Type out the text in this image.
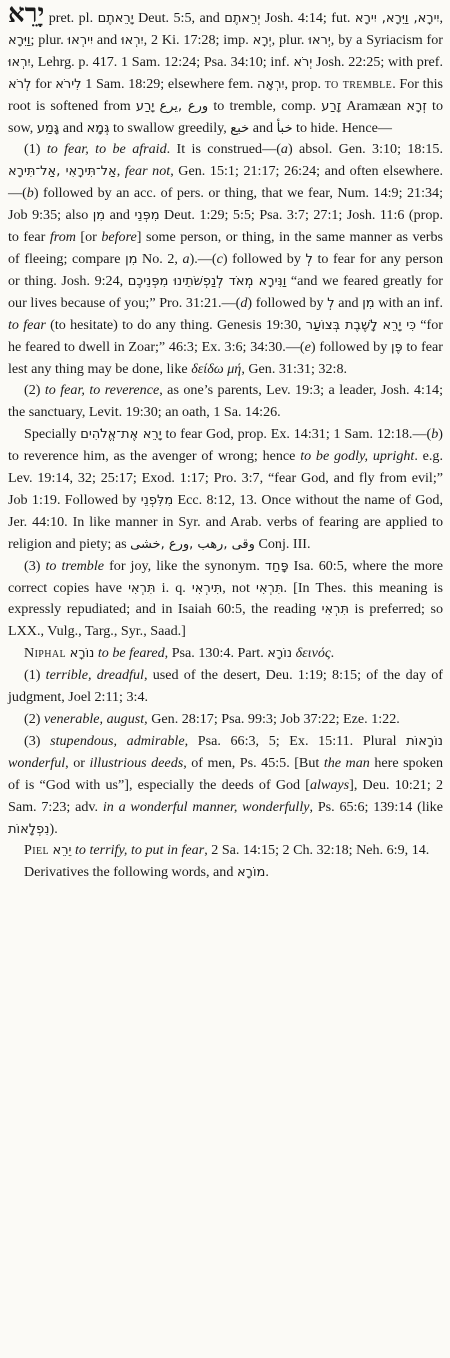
יָרֵא pret. pl. יָרֵאתֶם Deut. 5:5, and יְרֵאתֶם Josh. 4:14; fut. יִירָא, וַיִּרָא, יִירָא, וַיִּרָא; plur. יִירְאוּ and יִרְאוּ, 2 Ki. 17:28; imp. יְרָא, plur. יְראוּ, by a Syriacism for יִרְאוּ, Lehrg. p. 417. 1 Sam. 12:24; Psa. 34:10; inf. יְרֹא Josh. 22:25; with pref. לְרֹא for לִירֹא 1 Sam. 18:29; elsewhere fem. יִרְאָה, prop. to tremble. For this root is softened from יָרַע ورع ,يرع to tremble, comp. זָרַע Aramæan זְרָא to sow, גָּמַע and גְּמָא to swallow greedily, خبع and خبأ to hide. Hence—

(1) to fear, to be afraid. It is construed—(a) absol. Gen. 3:10; 18:15. אַל־תִּירָאִי ,אַל־תִּירָא, fear not, Gen. 15:1; 21:17; 26:24; and often elsewhere.—(b) followed by an acc. of pers. or thing, that we fear, Num. 14:9; 21:34; Job 9:35; also מִן and מִפְּנֵי Deut. 1:29; 5:5; Psa. 3:7; 27:1; Josh. 11:6 (prop. to fear from [or before] some person, or thing, in the same manner as verbs of fleeing; compare מִן No. 2, a).—(c) followed by לְ to fear for any person or thing. Josh. 9:24, וַנִּירָא מְאֹד לְנַפְשֹׁתֵינוּ מִפְּנֵיכֶם “and we feared greatly for our lives because of you;” Pro. 31:21.—(d) followed by לְ and מִן with an inf. to fear (to hesitate) to do any thing. Genesis 19:30, כִּי יָרֵא לָשֶׁבֶת בְּצוֹעַר “for he feared to dwell in Zoar;” 46:3; Ex. 3:6; 34:30.—(e) followed by פֶּן to fear lest any thing may be done, like δείδω μή, Gen. 31:31; 32:8.

(2) to fear, to reverence, as one’s parents, Lev. 19:3; a leader, Josh. 4:14; the sanctuary, Levit. 19:30; an oath, 1 Sa. 14:26.

Specially יָרֵא אֶת־אֱלֹהִים to fear God, prop. Ex. 14:31; 1 Sam. 12:18.—(b) to reverence him, as the avenger of wrong; hence to be godly, upright. e.g. Lev. 19:14, 32; 25:17; Exod. 1:17; Pro. 3:7, “fear God, and fly from evil;” Job 1:19. Followed by מִלִּפְנֵי Ecc. 8:12, 13. Once without the name of God, Jer. 44:10. In like manner in Syr. and Arab. verbs of fearing are applied to religion and piety; as وقى ,رهب ,ورع ,خشى Conj. III.

(3) to tremble for joy, like the synonym. פָּחַד Isa. 60:5, where the more correct copies have תִּרְאִי i. q. תִּירְאִי, not תִּרְאִי. [In Thes. this meaning is expressly repudiated; and in Isaiah 60:5, the reading תִּרְאִי is preferred; so LXX., Vulg., Targ., Syr., Saad.]

Niphal נוֹרָא to be feared, Psa. 130:4. Part. נוֹרָא δεινός.

(1) terrible, dreadful, used of the desert, Deu. 1:19; 8:15; of the day of judgment, Joel 2:11; 3:4.

(2) venerable, august, Gen. 28:17; Psa. 99:3; Job 37:22; Eze. 1:22.

(3) stupendous, admirable, Psa. 66:3, 5; Ex. 15:11. Plural נוֹרָאוֹת wonderful, or illustrious deeds, of men, Ps. 45:5. [But the man here spoken of is “God with us”], especially the deeds of God [always], Deu. 10:21; 2 Sam. 7:23; adv. in a wonderful manner, wonderfully, Ps. 65:6; 139:14 (like נִפְלָאוֹת).

Piel יֵרֵא to terrify, to put in fear, 2 Sa. 14:15; 2 Ch. 32:18; Neh. 6:9, 14.

Derivatives the following words, and מוֹרָא.
